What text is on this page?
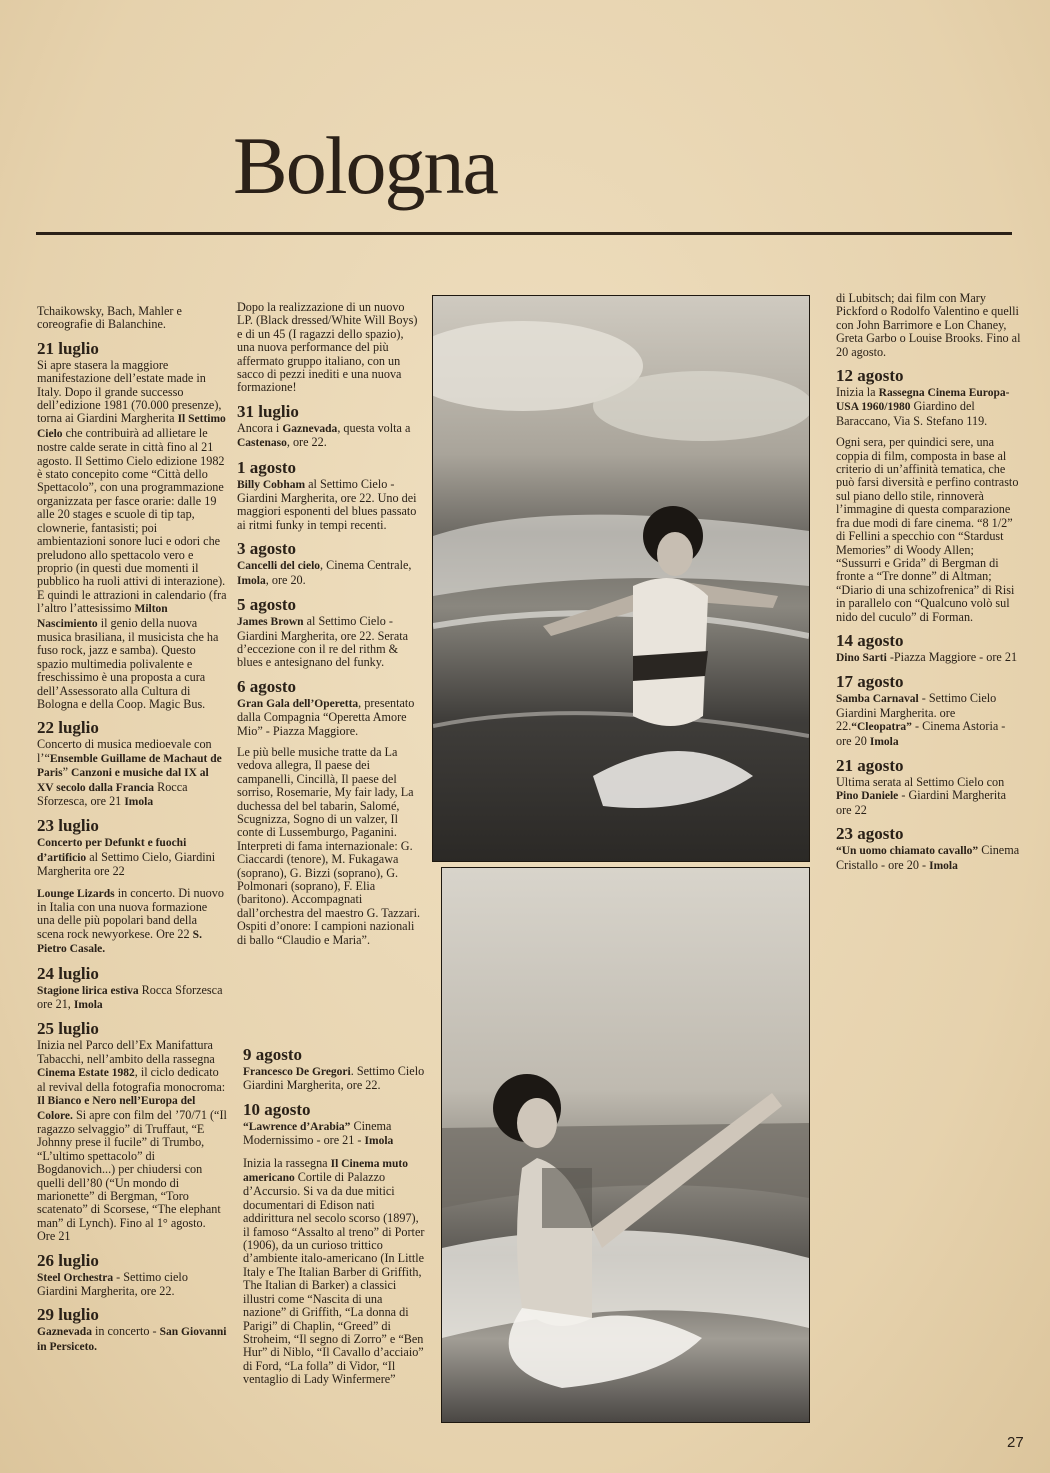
Bologna

Tchaikowsky, Bach, Mahler e coreografie di Balanchine.

21 luglio

Si apre stasera la maggiore manifestazione dell’estate made in Italy. Dopo il grande successo dell’edizione 1981 (70.000 presenze), torna ai Giardini Margherita Il Settimo Cielo che contribuirà ad allietare le nostre calde serate in città fino al 21 agosto. Il Settimo Cielo edizione 1982 è stato concepito come “Città dello Spettacolo”, con una programmazione organizzata per fasce orarie: dalle 19 alle 20 stages e scuole di tip tap, clownerie, fantasisti; poi ambientazioni sonore luci e odori che preludono allo spettacolo vero e proprio (in questi due momenti il pubblico ha ruoli attivi di interazione). E quindi le attrazioni in calendario (fra l’altro l’attesissimo Milton Nascimiento il genio della nuova musica brasiliana, il musicista che ha fuso rock, jazz e samba). Questo spazio multimedia polivalente e freschissimo è una proposta a cura dell’Assessorato alla Cultura di Bologna e della Coop. Magic Bus.

22 luglio

Concerto di musica medioevale con l’“Ensemble Guillame de Machaut de Paris” Canzoni e musiche dal IX al XV secolo dalla Francia Rocca Sforzesca, ore 21 Imola

23 luglio

Concerto per Defunkt e fuochi d’artificio al Settimo Cielo, Giardini Margherita ore 22

Lounge Lizards in concerto. Di nuovo in Italia con una nuova formazione una delle più popolari band della scena rock newyorkese. Ore 22 S. Pietro Casale.

24 luglio

Stagione lirica estiva Rocca Sforzesca ore 21, Imola

25 luglio

Inizia nel Parco dell’Ex Manifattura Tabacchi, nell’ambito della rassegna Cinema Estate 1982, il ciclo dedicato al revival della fotografia monocroma: Il Bianco e Nero nell’Europa del Colore. Si apre con film del ’70/71 (“Il ragazzo selvaggio” di Truffaut, “E Johnny prese il fucile” di Trumbo, “L’ultimo spettacolo” di Bogdanovich...) per chiudersi con quelli dell’80 (“Un mondo di marionette” di Bergman, “Toro scatenato” di Scorsese, “The elephant man” di Lynch). Fino al 1° agosto. Ore 21

26 luglio

Steel Orchestra - Settimo cielo Giardini Margherita, ore 22.

29 luglio

Gaznevada in concerto - San Giovanni in Persiceto.

Dopo la realizzazione di un nuovo LP. (Black dressed/White Will Boys) e di un 45 (I ragazzi dello spazio), una nuova performance del più affermato gruppo italiano, con un sacco di pezzi inediti e una nuova formazione!

31 luglio

Ancora i Gaznevada, questa volta a Castenaso, ore 22.

1 agosto

Billy Cobham al Settimo Cielo - Giardini Margherita, ore 22. Uno dei maggiori esponenti del blues passato ai ritmi funky in tempi recenti.

3 agosto

Cancelli del cielo, Cinema Centrale, Imola, ore 20.

5 agosto

James Brown al Settimo Cielo - Giardini Margherita, ore 22. Serata d’eccezione con il re del rithm & blues e antesignano del funky.

6 agosto

Gran Gala dell’Operetta, presentato dalla Compagnia “Operetta Amore Mio” - Piazza Maggiore.

Le più belle musiche tratte da La vedova allegra, Il paese dei campanelli, Cincillà, Il paese del sorriso, Rosemarie, My fair lady, La duchessa del bel tabarin, Salomé, Scugnizza, Sogno di un valzer, Il conte di Lussemburgo, Paganini. Interpreti di fama internazionale: G. Ciaccardi (tenore), M. Fukagawa (soprano), G. Bizzi (soprano), G. Polmonari (soprano), F. Elia (baritono). Accompagnati dall’orchestra del maestro G. Tazzari. Ospiti d’onore: I campioni nazionali di ballo “Claudio e Maria”.

9 agosto

Francesco De Gregori. Settimo Cielo Giardini Margherita, ore 22.

10 agosto

“Lawrence d’Arabia” Cinema Modernissimo - ore 21 - Imola

Inizia la rassegna Il Cinema muto americano Cortile di Palazzo d’Accursio. Si va da due mitici documentari di Edison nati addirittura nel secolo scorso (1897), il famoso “Assalto al treno” di Porter (1906), da un curioso trittico d’ambiente italo-americano (In Little Italy e The Italian Barber di Griffith, The Italian di Barker) a classici illustri come “Nascita di una nazione” di Griffith, “La donna di Parigi” di Chaplin, “Greed” di Stroheim, “Il segno di Zorro” e “Ben Hur” di Niblo, “Il Cavallo d’acciaio” di Ford, “La folla” di Vidor, “Il ventaglio di Lady Winfermere”

di Lubitsch; dai film con Mary Pickford o Rodolfo Valentino e quelli con John Barrimore e Lon Chaney, Greta Garbo o Louise Brooks. Fino al 20 agosto.

12 agosto

Inizia la Rassegna Cinema Europa-USA 1960/1980 Giardino del Baraccano, Via S. Stefano 119.

Ogni sera, per quindici sere, una coppia di film, composta in base al criterio di un’affinità tematica, che può farsi diversità e perfino contrasto sul piano dello stile, rinnoverà l’immagine di questa comparazione fra due modi di fare cinema. “8 1/2” di Fellini a specchio con “Stardust Memories” di Woody Allen; “Sussurri e Grida” di Bergman di fronte a “Tre donne” di Altman; “Diario di una schizofrenica” di Risi in parallelo con “Qualcuno volò sul nido del cuculo” di Forman.

14 agosto

Dino Sarti -Piazza Maggiore - ore 21

17 agosto

Samba Carnaval - Settimo Cielo Giardini Margherita. ore 22.“Cleopatra” - Cinema Astoria - ore 20 Imola

21 agosto

Ultima serata al Settimo Cielo con Pino Daniele - Giardini Margherita ore 22

23 agosto

“Un uomo chiamato cavallo” Cinema Cristallo - ore 20 - Imola

27
